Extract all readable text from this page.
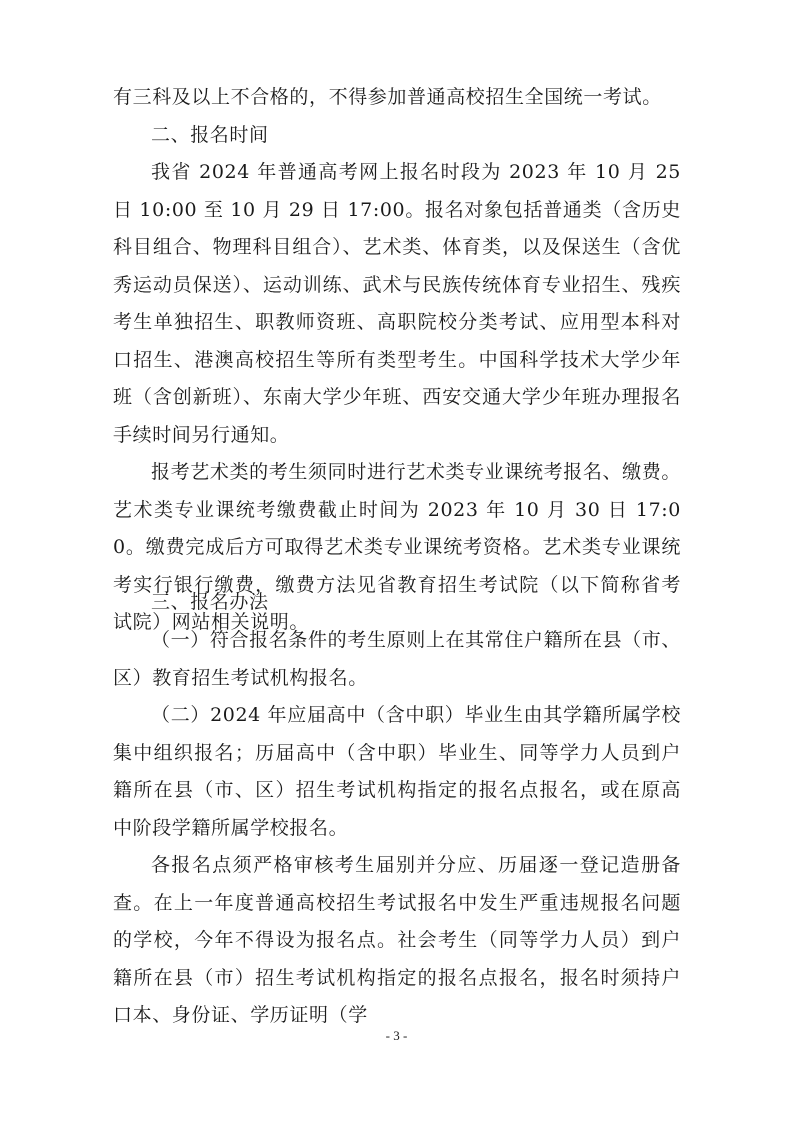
有三科及以上不合格的，不得参加普通高校招生全国统一考试。
二、报名时间
我省 2024 年普通高考网上报名时段为 2023 年 10 月 25 日 10:00 至 10 月 29 日 17:00。报名对象包括普通类（含历史科目组合、物理科目组合）、艺术类、体育类，以及保送生（含优秀运动员保送）、运动训练、武术与民族传统体育专业招生、残疾考生单独招生、职教师资班、高职院校分类考试、应用型本科对口招生、港澳高校招生等所有类型考生。中国科学技术大学少年班（含创新班）、东南大学少年班、西安交通大学少年班办理报名手续时间另行通知。
报考艺术类的考生须同时进行艺术类专业课统考报名、缴费。艺术类专业课统考缴费截止时间为 2023 年 10 月 30 日 17:00。缴费完成后方可取得艺术类专业课统考资格。艺术类专业课统考实行银行缴费，缴费方法见省教育招生考试院（以下简称省考试院）网站相关说明。
三、报名办法
（一）符合报名条件的考生原则上在其常住户籍所在县（市、区）教育招生考试机构报名。
（二）2024 年应届高中（含中职）毕业生由其学籍所属学校集中组织报名；历届高中（含中职）毕业生、同等学力人员到户籍所在县（市、区）招生考试机构指定的报名点报名，或在原高中阶段学籍所属学校报名。
各报名点须严格审核考生届别并分应、历届逐一登记造册备查。在上一年度普通高校招生考试报名中发生严重违规报名问题的学校，今年不得设为报名点。社会考生（同等学力人员）到户籍所在县（市）招生考试机构指定的报名点报名，报名时须持户口本、身份证、学历证明（学
- 3 -
